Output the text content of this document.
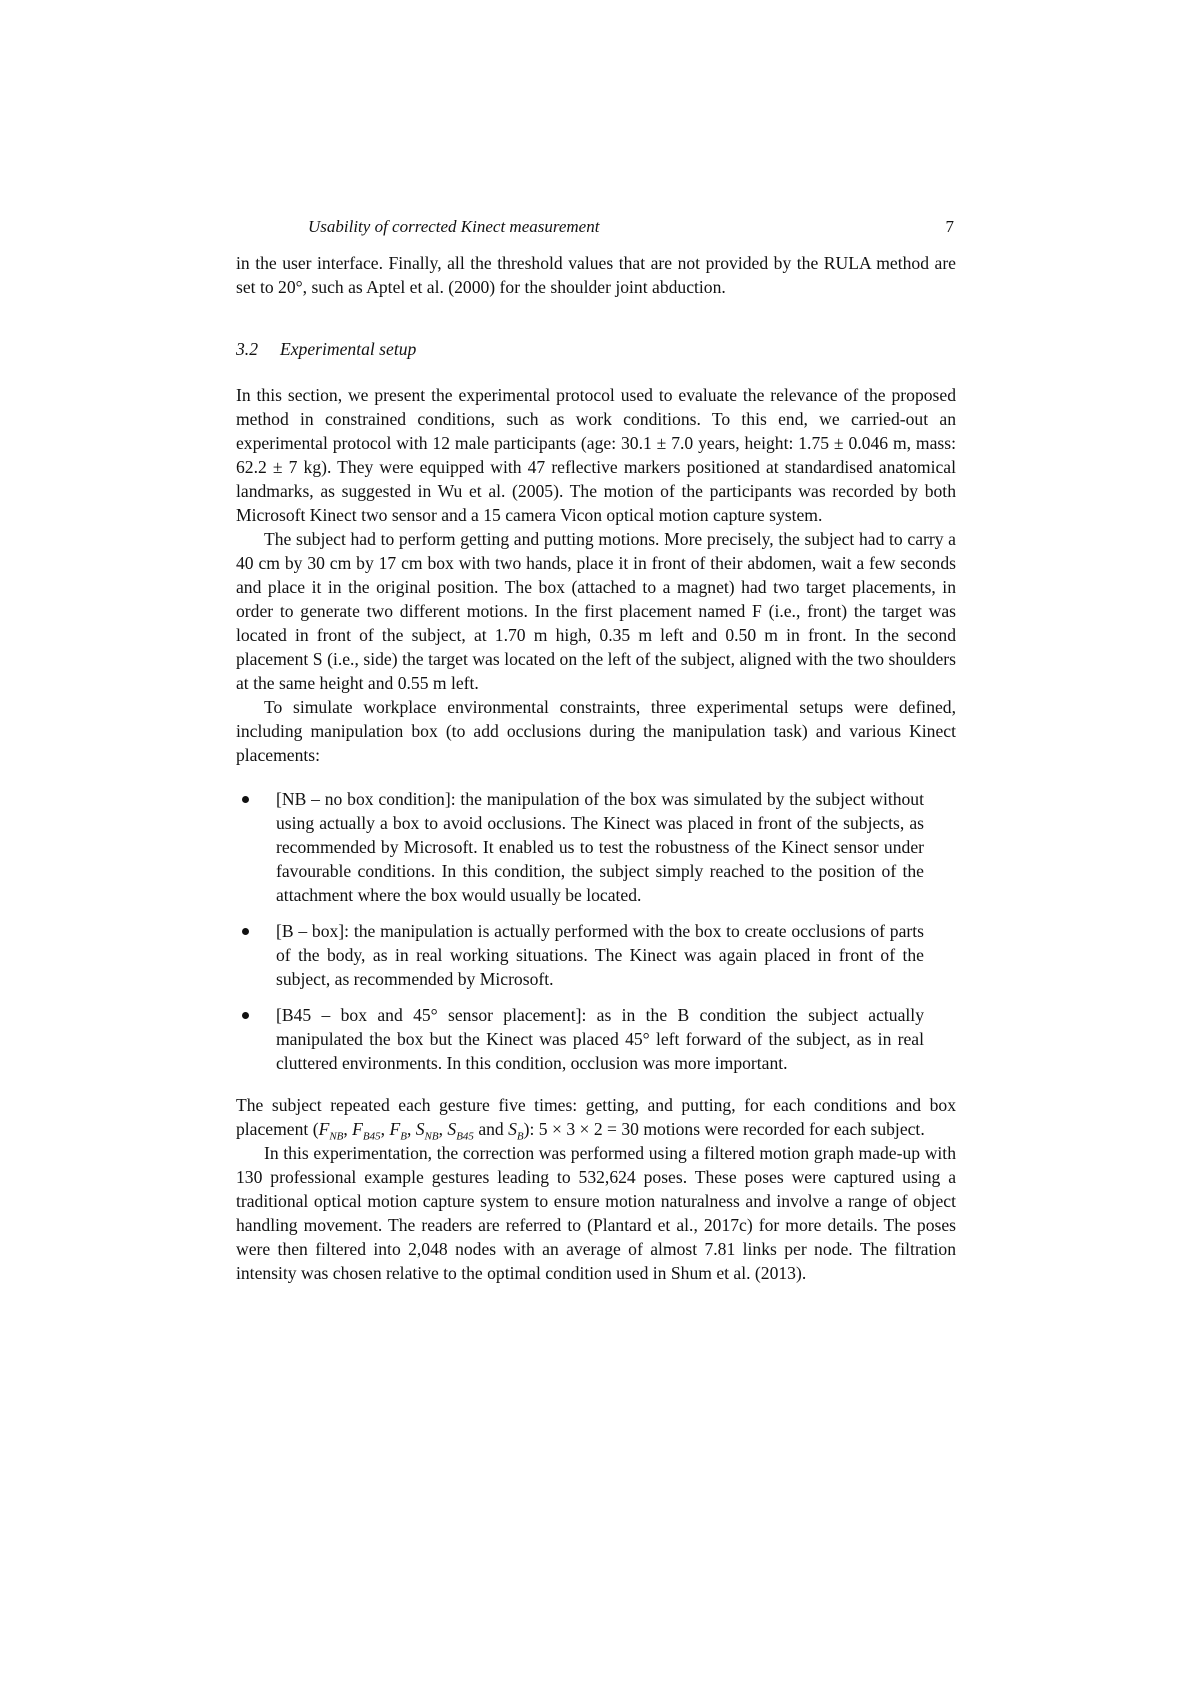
Usability of corrected Kinect measurement	7

in the user interface. Finally, all the threshold values that are not provided by the RULA method are set to 20°, such as Aptel et al. (2000) for the shoulder joint abduction.

3.2 Experimental setup

In this section, we present the experimental protocol used to evaluate the relevance of the proposed method in constrained conditions, such as work conditions. To this end, we carried-out an experimental protocol with 12 male participants (age: 30.1 ± 7.0 years, height: 1.75 ± 0.046 m, mass: 62.2 ± 7 kg). They were equipped with 47 reflective markers positioned at standardised anatomical landmarks, as suggested in Wu et al. (2005). The motion of the participants was recorded by both Microsoft Kinect two sensor and a 15 camera Vicon optical motion capture system.

The subject had to perform getting and putting motions. More precisely, the subject had to carry a 40 cm by 30 cm by 17 cm box with two hands, place it in front of their abdomen, wait a few seconds and place it in the original position. The box (attached to a magnet) had two target placements, in order to generate two different motions. In the first placement named F (i.e., front) the target was located in front of the subject, at 1.70 m high, 0.35 m left and 0.50 m in front. In the second placement S (i.e., side) the target was located on the left of the subject, aligned with the two shoulders at the same height and 0.55 m left.

To simulate workplace environmental constraints, three experimental setups were defined, including manipulation box (to add occlusions during the manipulation task) and various Kinect placements:

[NB – no box condition]: the manipulation of the box was simulated by the subject without using actually a box to avoid occlusions. The Kinect was placed in front of the subjects, as recommended by Microsoft. It enabled us to test the robustness of the Kinect sensor under favourable conditions. In this condition, the subject simply reached to the position of the attachment where the box would usually be located.
[B – box]: the manipulation is actually performed with the box to create occlusions of parts of the body, as in real working situations. The Kinect was again placed in front of the subject, as recommended by Microsoft.
[B45 – box and 45° sensor placement]: as in the B condition the subject actually manipulated the box but the Kinect was placed 45° left forward of the subject, as in real cluttered environments. In this condition, occlusion was more important.

The subject repeated each gesture five times: getting, and putting, for each conditions and box placement ($F_{NB}$, $F_{B45}$, $F_B$, $S_{NB}$, $S_{B45}$ and $S_B$): 5 × 3 × 2 = 30 motions were recorded for each subject.

In this experimentation, the correction was performed using a filtered motion graph made-up with 130 professional example gestures leading to 532,624 poses. These poses were captured using a traditional optical motion capture system to ensure motion naturalness and involve a range of object handling movement. The readers are referred to (Plantard et al., 2017c) for more details. The poses were then filtered into 2,048 nodes with an average of almost 7.81 links per node. The filtration intensity was chosen relative to the optimal condition used in Shum et al. (2013).
